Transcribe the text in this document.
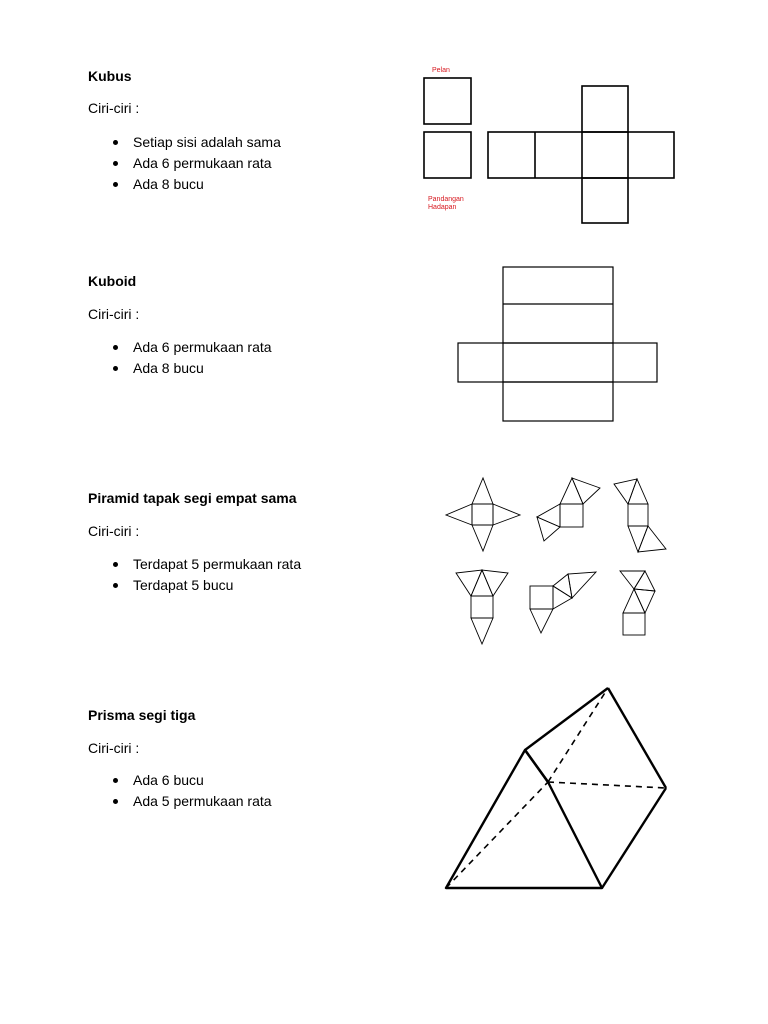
Kubus

Ciri-ciri :

Setiap sisi adalah sama
Ada 6 permukaan rata
Ada 8 bucu
Pelan
Pandangan
Hadapan
Kuboid

Ciri-ciri :

Ada 6 permukaan rata
Ada 8 bucu
Piramid tapak segi empat sama

Ciri-ciri :

Terdapat 5 permukaan rata
Terdapat 5 bucu
Prisma segi tiga

Ciri-ciri :

Ada 6 bucu
Ada 5 permukaan rata
